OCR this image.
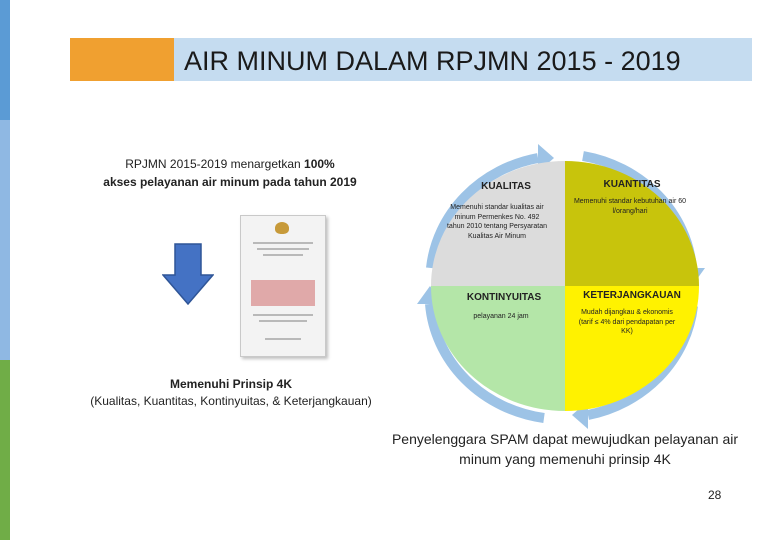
AIR MINUM DALAM RPJMN 2015 - 2019
RPJMN 2015-2019 menargetkan 100%
akses pelayanan air minum pada tahun 2019
Memenuhi Prinsip 4K
(Kualitas, Kuantitas, Kontinyuitas, & Keterjangkauan)
KUALITAS
Memenuhi standar kualitas air minum Permenkes No. 492 tahun 2010 tentang Persyaratan Kualitas Air Minum
KUANTITAS
Memenuhi standar kebutuhan air 60 l/orang/hari
KONTINYUITAS
pelayanan 24 jam
KETERJANGKAUAN
Mudah dijangkau & ekonomis (tarif ≤ 4% dari pendapatan per KK)
Penyelenggara SPAM dapat mewujudkan pelayanan air minum yang memenuhi prinsip 4K
28
